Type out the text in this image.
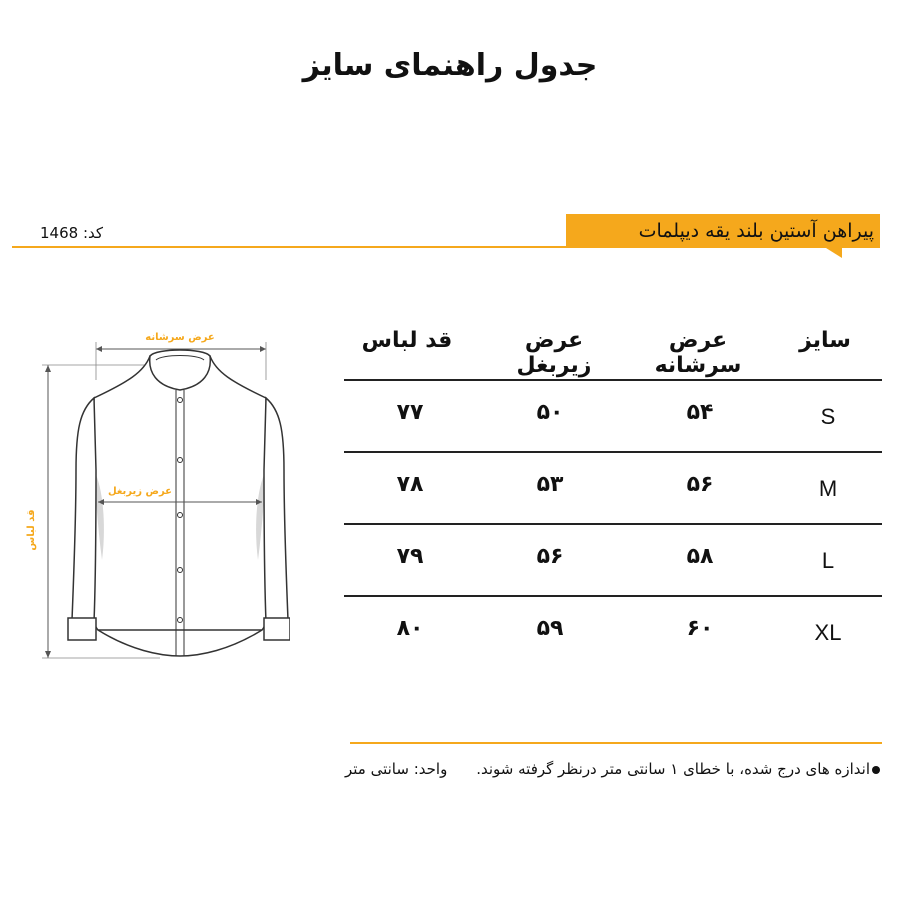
جدول راهنمای سایز
کد: 1468	پیراهن آستین بلند یقه دیپلمات
عرض سرشانه
قد لباس
عرض زیربغل
سایز
عرض سرشانه
عرض زیربغل
قد لباس
S
۵۴
۵۰
۷۷
M
۵۶
۵۳
۷۸
L
۵۸
۵۶
۷۹
XL
۶۰
۵۹
۸۰
اندازه های درج شده، با خطای ۱ سانتی متر درنظر گرفته شوند.
واحد: سانتی متر
